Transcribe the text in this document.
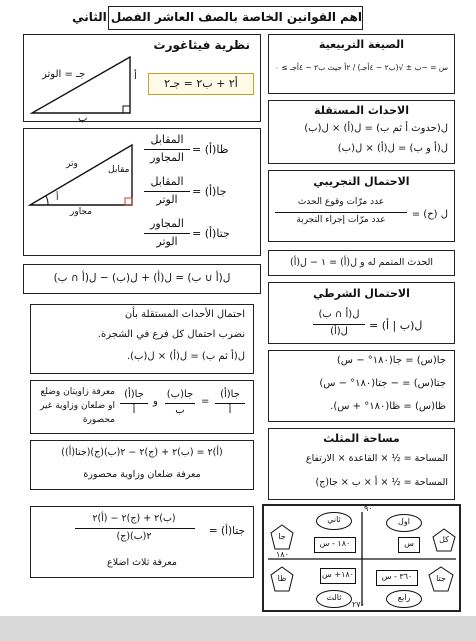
اهم القوانين الخاصة بالصف العاشر الفصل الثاني
نظرية فيثاغورث
جـ = الوتر	أ
ب
أ٢ + ب٢ = جـ٢
الصيغة التربيعية
س = −ب ± √(ب٢ − ٤أجـ) / ٢أ حيث ب٢ − ٤أجـ ≥ ٠
الاحداث المستقلة
ل(حدوث أ ثم ب) = ل(أ) × ل(ب)
ل(أ و ب) = ل(أ) × ل(ب)
مقابل
وتر
مجاور
أ
ظا(أ) =
المقابل
المجاور
جا(أ) =
المقابل
الوتر
جتا(أ) =
المجاور
الوتر
الاحتمال التجريبي
ل (ح) =
عدد مرّات وقوع الحدث
عدد مرّات إجراء التجربة
الحدث المتمم له و ل(أ) = ١ − ل(أ)
ل(أ ∪ ب) = ل(أ) + ل(ب) − ل(أ ∩ ب)
الاحتمال الشرطي
ل(ب | أ) =
ل(أ ∩ ب)
ل(أ)
احتمال الأحداث المستقلة بأن
نضرب احتمال كل فرع في الشجرة.
ل(أ ثم ب) = ل(أ) × ل(ب).	جا(س) = جا(١٨٠° − س)
جتا(س) = − جتا(١٨٠° − س)
ظا(س) = ظا(١٨٠° + س).
جا(أ)
أ
=
جا(ب)
ب
و
جا(أ)
أ
معرفة زاويتان وضلع او ضلعان وزاوية غير محصورة
مساحة المثلث
المساحة = ½ × القاعدة × الارتفاع
المساحة = ½ × أ × ب × جا(ج)
(أ)٢ = (ب)٢ + (ج)٢ − ٢(ب)(ج)(جتا(أ))
معرفة ضلعان وزاوية محصورة
جتا(أ) =
(ب)٢ + (ج)٢ − (أ)٢
٢(ب)(ج)
معرفة ثلاث اضلاع
٩٠
١٨٠
٢٧٠
اول
ثاني
ثالث	رابع
س
١٨٠ - س
١٨٠+ س	٣٦٠ - س
كل
جا
ظا	جتا
